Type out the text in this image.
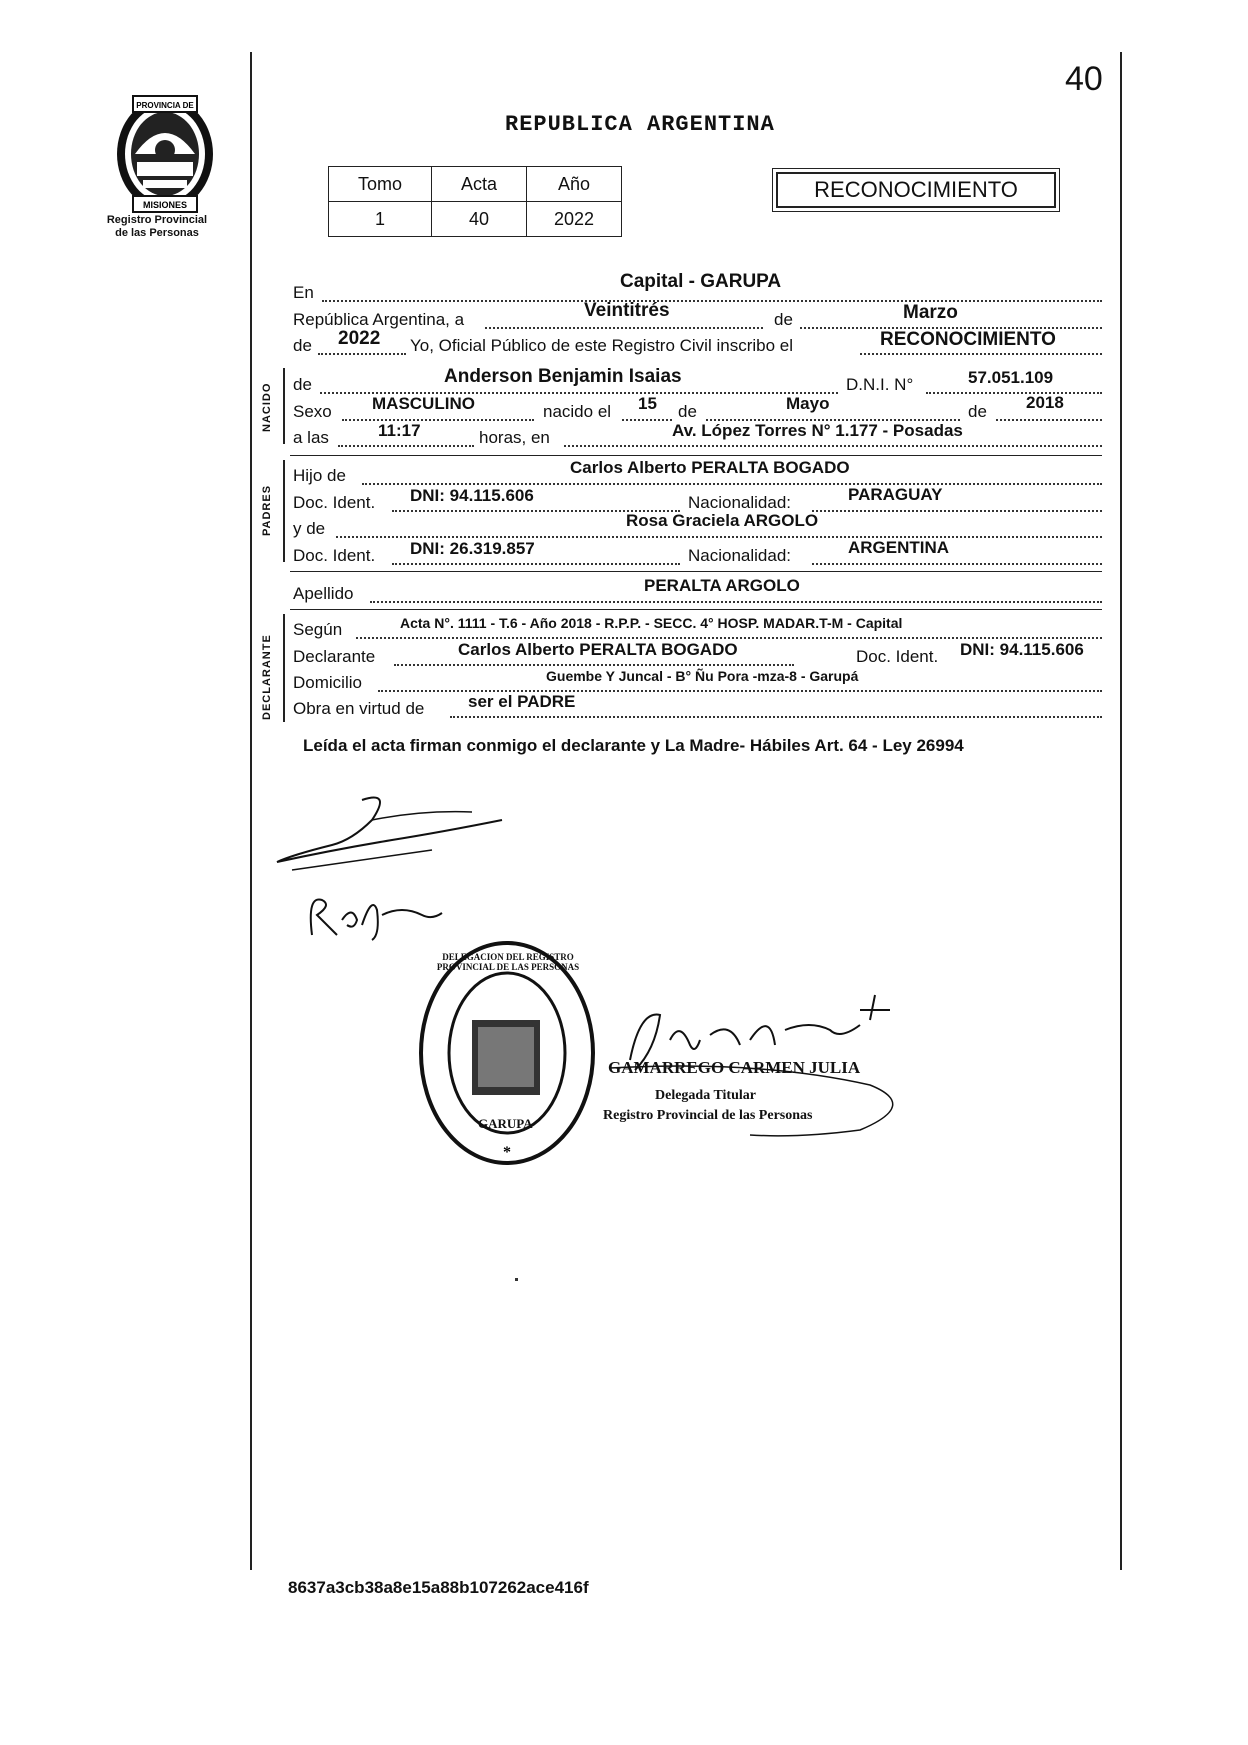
40
PROVINCIA DE
MISIONES
Registro Provincial
de las Personas
REPUBLICA ARGENTINA
Tomo	Acta	Año
1	40	2022
RECONOCIMIENTO
En
Capital - GARUPA
República Argentina, a	Veintitrés	de	Marzo
de 2022 Yo, Oficial Público de este Registro Civil inscribo el	RECONOCIMIENTO
NACIDO de	Anderson Benjamin Isaias	D.N.I. N°	57.051.109
Sexo MASCULINO	nacido el 15 de	Mayo	de 2018
a las	11:17	horas, en	Av. López Torres N° 1.177 - Posadas
PADRES
Hijo de	Carlos Alberto PERALTA BOGADO
Doc. Ident. DNI: 94.115.606	Nacionalidad:	PARAGUAY
y de	Rosa Graciela ARGOLO
Doc. Ident. DNI: 26.319.857	Nacionalidad:	ARGENTINA
Apellido	PERALTA ARGOLO
DECLARANTE
Según	Acta N°. 1111 - T.6 - Año 2018 - R.P.P. - SECC. 4° HOSP. MADAR.T-M - Capital
Declarante	Carlos Alberto PERALTA BOGADO	Doc. Ident. DNI: 94.115.606
Domicilio	Guembe Y Juncal - B° Ñu Pora -mza-8 - Garupá
Obra en virtud de	ser el PADRE
Leída el acta firman conmigo el declarante y La Madre- Hábiles Art. 64 - Ley 26994
*
DELEGACION DEL REGISTRO PROVINCIAL DE LAS PERSONAS
GARUPA
GAMARREGO CARMEN JULIA
Delegada Titular
Registro Provincial de las Personas
8637a3cb38a8e15a88b107262ace416f
